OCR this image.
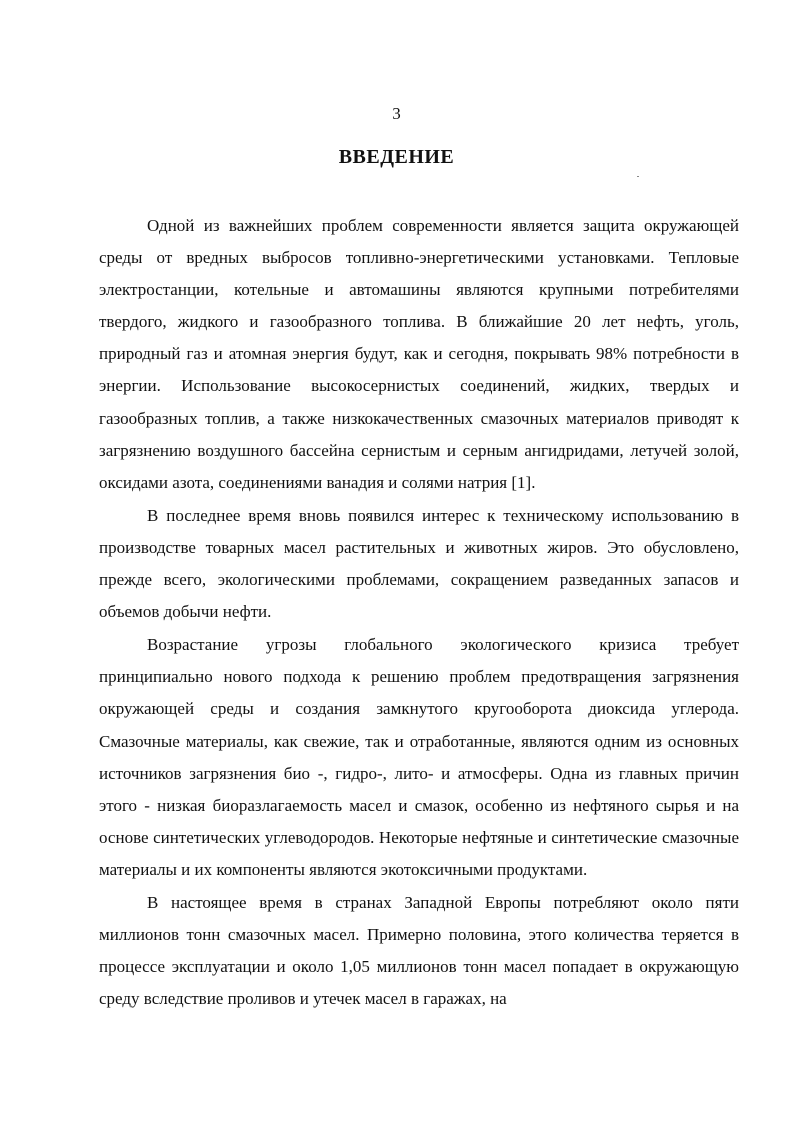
3
ВВЕДЕНИЕ

Одной из важнейших проблем современности является защита окружающей среды от вредных выбросов топливно-энергетическими установками. Тепловые электростанции, котельные и автомашины являются крупными потребителями твердого, жидкого и газообразного топлива. В ближайшие 20 лет нефть, уголь, природный газ и атомная энергия будут, как и сегодня, покрывать 98% потребности в энергии. Использование высокосернистых соединений, жидких, твердых и газообразных топлив, а также низкокачественных смазочных материалов приводят к загрязнению воздушного бассейна сернистым и серным ангидридами, летучей золой, оксидами азота, соединениями ванадия и солями натрия [1].

В последнее время вновь появился интерес к техническому использованию в производстве товарных масел растительных и животных жиров. Это обусловлено, прежде всего, экологическими проблемами, сокращением разведанных запасов и объемов добычи нефти.

Возрастание угрозы глобального экологического кризиса требует принципиально нового подхода к решению проблем предотвращения загрязнения окружающей среды и создания замкнутого кругооборота диоксида углерода. Смазочные материалы, как свежие, так и отработанные, являются одним из основных источников загрязнения био -, гидро-, лито- и атмосферы. Одна из главных причин этого - низкая биоразлагаемость масел и смазок, особенно из нефтяного сырья и на основе синтетических углеводородов. Некоторые нефтяные и синтетические смазочные материалы и их компоненты являются экотоксичными продуктами.

В настоящее время в странах Западной Европы потребляют около пяти миллионов тонн смазочных масел. Примерно половина, этого количества теряется в процессе эксплуатации и около 1,05 миллионов тонн масел попадает в окружающую среду вследствие проливов и утечек масел в гаражах, на
